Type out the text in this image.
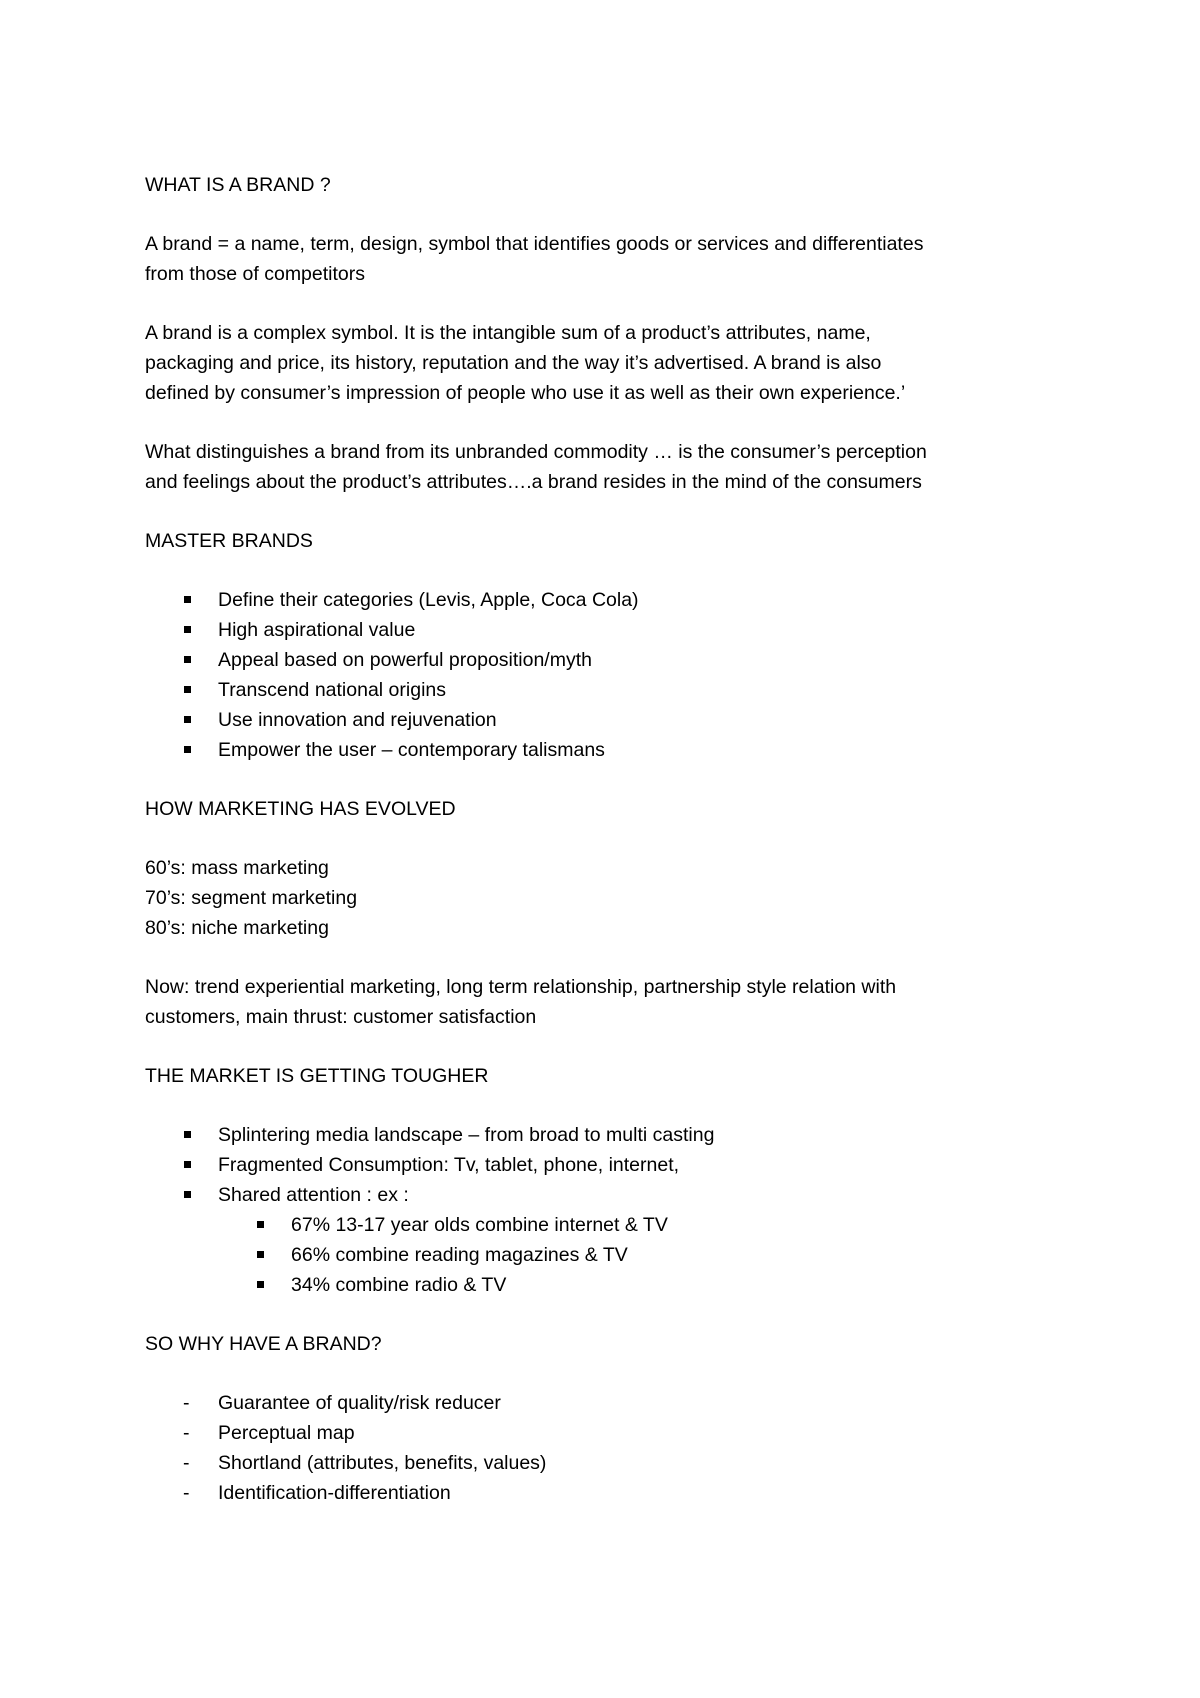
WHAT IS A BRAND ?
A brand = a name, term, design, symbol that identifies goods or services and differentiates
from those of competitors
A brand is a complex symbol. It is the intangible sum of a product’s attributes, name,
packaging and price, its history, reputation and the way it’s advertised. A brand is also
defined by consumer’s impression of people who use it as well as their own experience.’
What distinguishes a brand from its unbranded commodity … is the consumer’s perception
and feelings about the product’s attributes….a brand resides in the mind of the consumers
MASTER BRANDS
Define their categories (Levis, Apple, Coca Cola)
High aspirational value
Appeal based on powerful proposition/myth
Transcend national origins
Use innovation and rejuvenation
Empower the user – contemporary talismans
HOW MARKETING HAS EVOLVED
60’s: mass marketing
70’s: segment marketing
80’s: niche marketing
Now: trend experiential marketing, long term relationship, partnership style relation with
customers, main thrust: customer satisfaction
THE MARKET IS GETTING TOUGHER
Splintering media landscape – from broad to multi casting
Fragmented Consumption: Tv, tablet, phone, internet,
Shared attention : ex :
67% 13-17 year olds combine internet & TV
66% combine reading magazines & TV
34% combine radio & TV
SO WHY HAVE A BRAND?
- Guarantee of quality/risk reducer
- Perceptual map
- Shortland (attributes, benefits, values)
- Identification-differentiation
